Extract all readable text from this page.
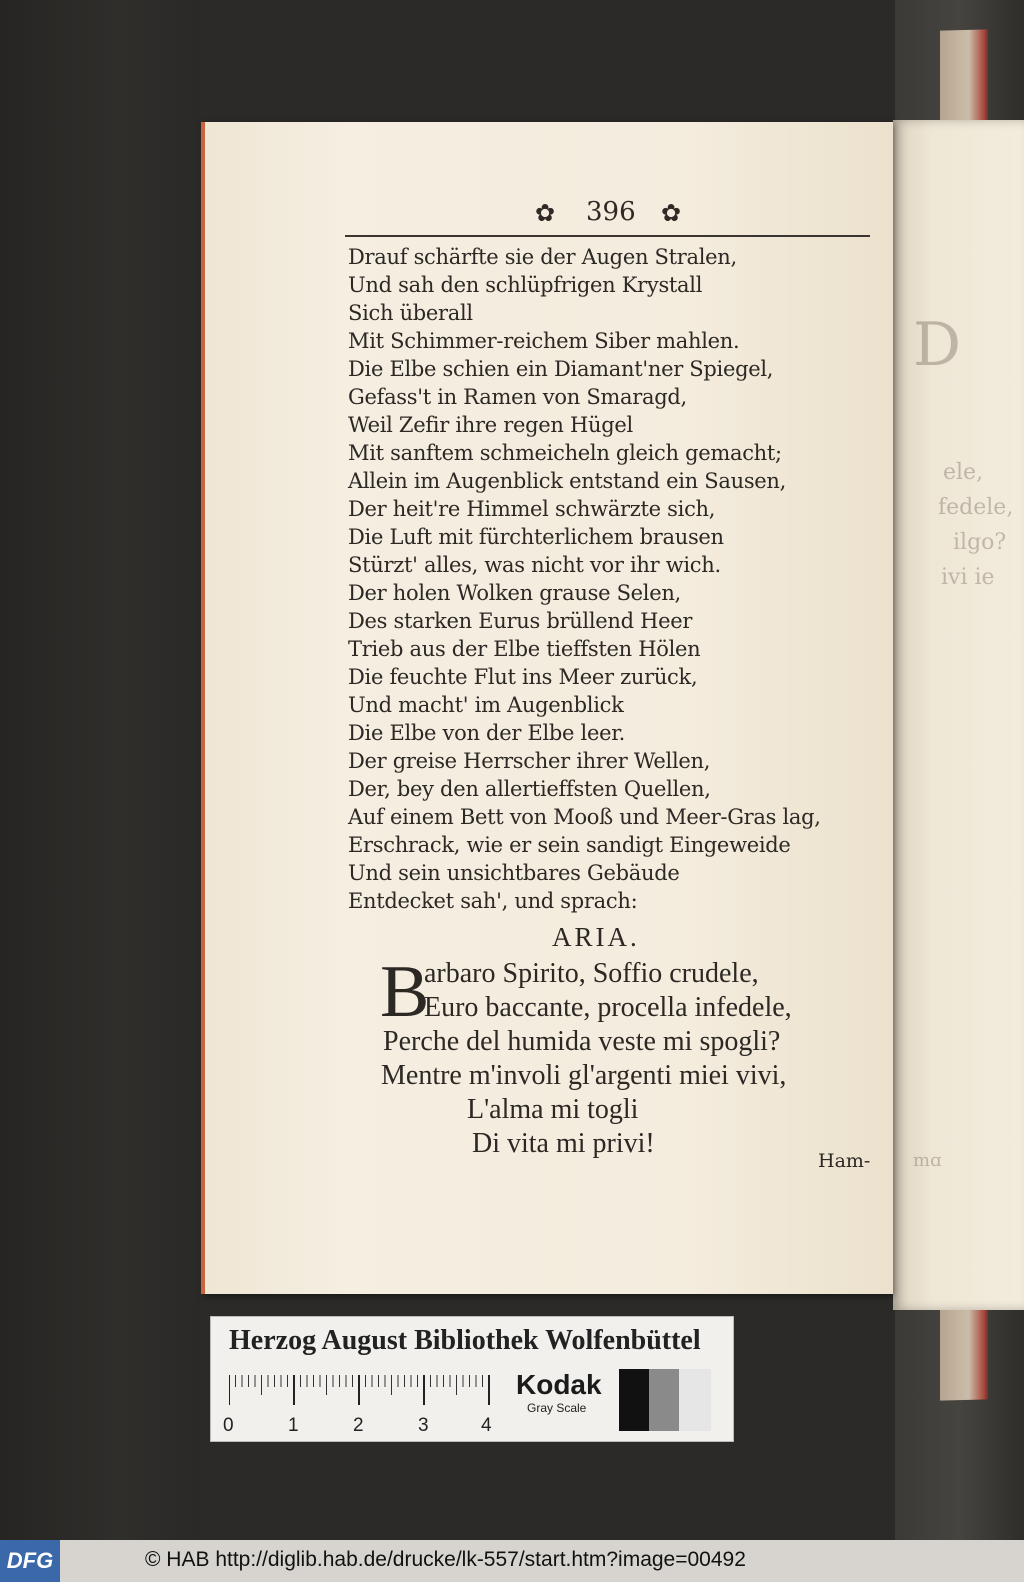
D
ele,
fedele,
ilgo?
ivi ie
mɑ
✿ 396 ✿
Drauf schärfte sie der Augen Stralen,
Und sah den schlüpfrigen Krystall
Sich überall
Mit Schimmer-reichem Siber mahlen.
Die Elbe schien ein Diamant'ner Spiegel,
Gefass't in Ramen von Smaragd,
Weil Zefir ihre regen Hügel
Mit sanftem schmeicheln gleich gemacht;
Allein im Augenblick entstand ein Sausen,
Der heit're Himmel schwärzte sich,
Die Luft mit fürchterlichem brausen
Stürzt' alles, was nicht vor ihr wich.
Der holen Wolken grause Selen,
Des starken Eurus brüllend Heer
Trieb aus der Elbe tieffsten Hölen
Die feuchte Flut ins Meer zurück,
Und macht' im Augenblick
Die Elbe von der Elbe leer.
Der greise Herrscher ihrer Wellen,
Der, bey den allertieffsten Quellen,
Auf einem Bett von Mooß und Meer-Gras lag,
Erschrack, wie er sein sandigt Eingeweide
Und sein unsichtbares Gebäude
Entdecket sah', und sprach:
ARIA.
B
arbaro Spirito, Soffio crudele,
Euro baccante, procella infedele,
Perche del humida veste mi spogli?
Mentre m'involi gl'argenti miei vivi,
L'alma mi togli
Di vita mi privi!
Ham-
Herzog August Bibliothek Wolfenbüttel
0	1	2	3	4
Kodak
Gray Scale
DFG	© HAB http://diglib.hab.de/drucke/lk-557/start.htm?image=00492
